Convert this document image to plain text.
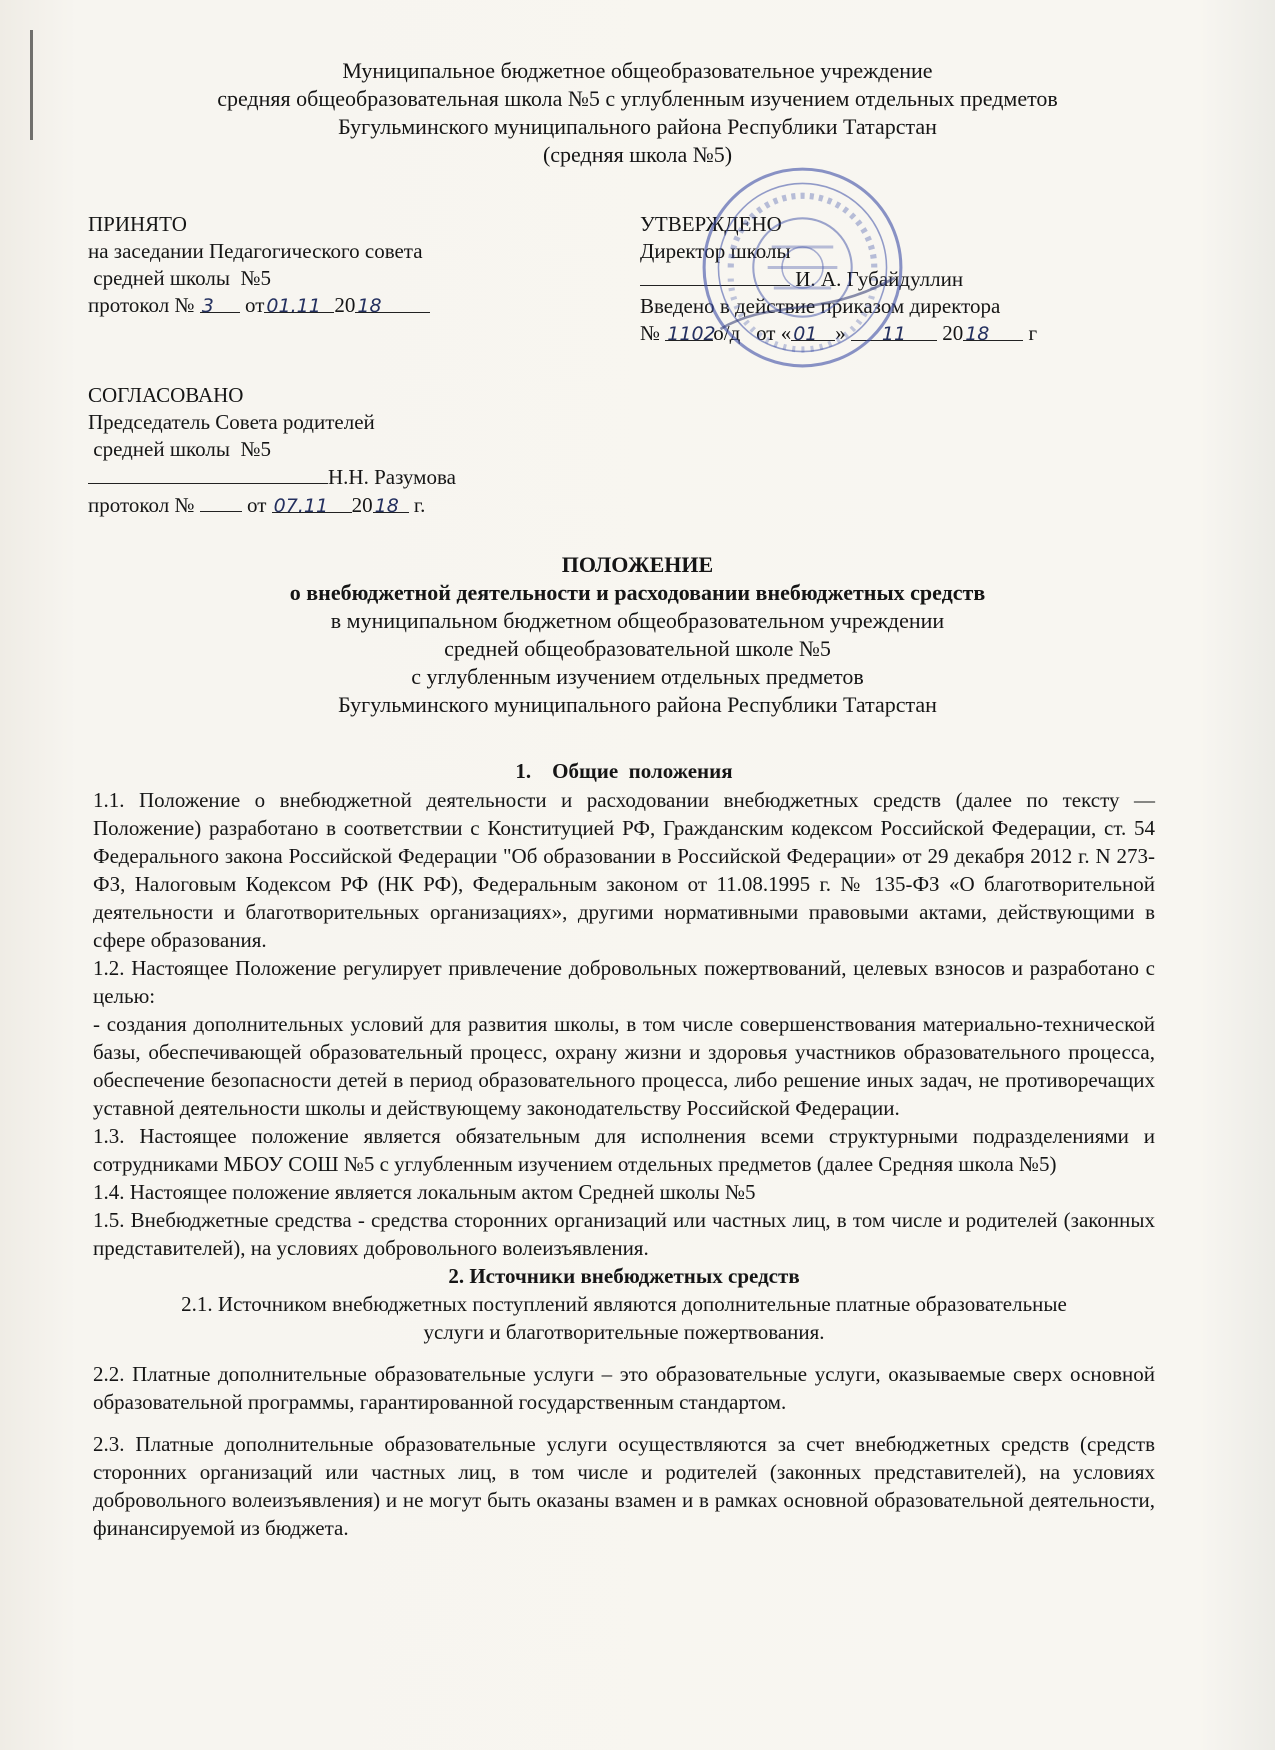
Муниципальное бюджетное общеобразовательное учреждение
средняя общеобразовательная школа №5 с углубленным изучением отдельных предметов
Бугульминского муниципального района Республики Татарстан
(средняя школа №5)
ПРИНЯТО
на заседании Педагогического совета
средней школы  №5
протокол № 3 от 01.11 20 18
УТВЕРЖДЕНО
Директор школы
И. А. Губайдуллин
Введено в действие приказом директора
№ 1102о/д   от « 01 » 11 20 18 г
СОГЛАСОВАНО
Председатель Совета родителей
средней школы  №5
Н.Н. Разумова
протокол №	от 07.11 20 18 г.
ПОЛОЖЕНИЕ
о внебюджетной деятельности и расходовании внебюджетных средств
в муниципальном бюджетном общеобразовательном учреждении
средней общеобразовательной школе №5
с углубленным изучением отдельных предметов
Бугульминского муниципального района Республики Татарстан

1.    Общие  положения

1.1. Положение о внебюджетной деятельности и расходовании внебюджетных средств (далее по тексту — Положение) разработано в соответствии с Конституцией РФ, Гражданским кодексом Российской Федерации, ст. 54 Федерального закона Российской Федерации "Об образовании в Российской Федерации» от 29 декабря 2012 г. N 273-ФЗ, Налоговым Кодексом РФ (НК РФ), Федеральным законом от 11.08.1995 г. № 135-ФЗ «О благотворительной деятельности и благотворительных организациях», другими нормативными правовыми актами, действующими в сфере образования.

1.2. Настоящее Положение регулирует привлечение добровольных пожертвований, целевых взносов и разработано с целью:

- создания дополнительных условий для развития школы, в том числе совершенствования материально-технической базы, обеспечивающей образовательный процесс, охрану жизни и здоровья участников образовательного процесса, обеспечение безопасности детей в период образовательного процесса, либо решение иных задач, не противоречащих уставной деятельности школы и действующему законодательству Российской Федерации.

1.3. Настоящее положение является обязательным для исполнения всеми структурными подразделениями и сотрудниками МБОУ СОШ №5 с углубленным изучением отдельных предметов (далее Средняя школа №5)

1.4. Настоящее положение является локальным актом Средней школы №5

1.5. Внебюджетные средства - средства сторонних организаций или частных лиц, в том числе и родителей (законных представителей), на условиях добровольного волеизъявления.

2. Источники внебюджетных средств

2.1. Источником внебюджетных поступлений являются дополнительные платные образовательные

услуги и благотворительные пожертвования.

2.2. Платные дополнительные образовательные услуги – это образовательные услуги, оказываемые сверх основной образовательной программы, гарантированной государственным стандартом.

2.3. Платные дополнительные образовательные услуги осуществляются за счет внебюджетных средств (средств сторонних организаций или частных лиц, в том числе и родителей (законных представителей), на условиях добровольного волеизъявления) и не могут быть оказаны взамен и в рамках основной образовательной деятельности, финансируемой из бюджета.
